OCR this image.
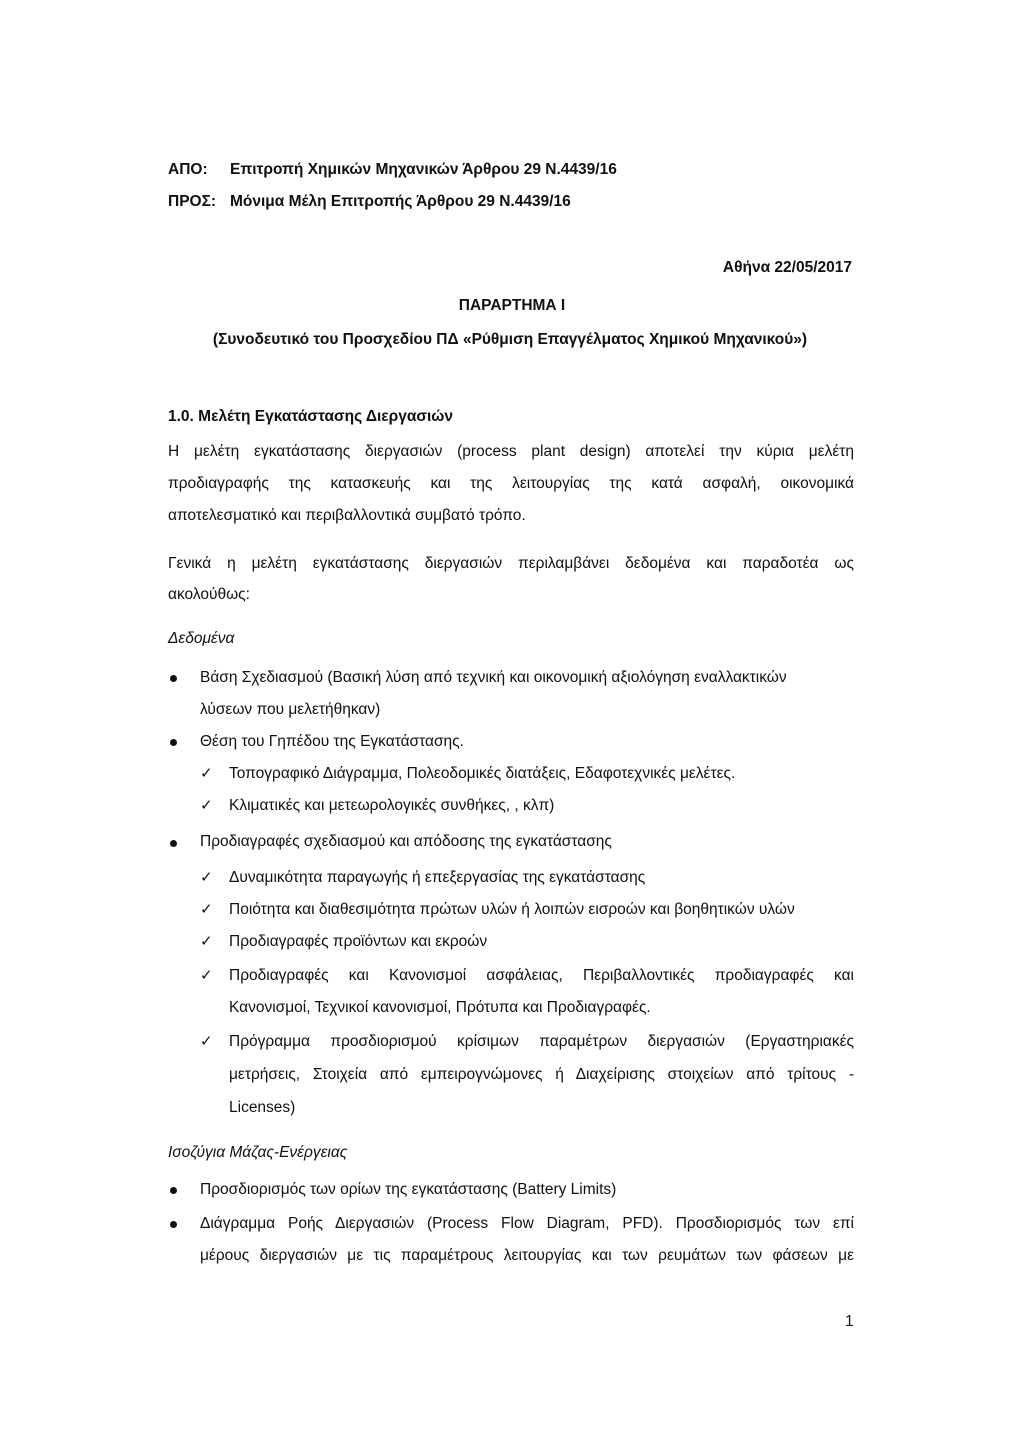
ΑΠΟ: Επιτροπή Χημικών Μηχανικών Άρθρου 29 Ν.4439/16
ΠΡΟΣ: Μόνιμα Μέλη Επιτροπής Άρθρου 29 Ν.4439/16
Αθήνα 22/05/2017
ΠΑΡΑΡΤΗΜΑ Ι
(Συνοδευτικό του Προσχεδίου ΠΔ «Ρύθμιση Επαγγέλματος Χημικού Μηχανικού»)
1.0. Μελέτη Εγκατάστασης Διεργασιών
Η μελέτη εγκατάστασης διεργασιών (process plant design) αποτελεί την κύρια μελέτη
προδιαγραφής της κατασκευής και της λειτουργίας της κατά ασφαλή, οικονομικά
αποτελεσματικό και περιβαλλοντικά συμβατό τρόπο.
Γενικά η μελέτη εγκατάστασης διεργασιών περιλαμβάνει δεδομένα και παραδοτέα ως
ακολούθως:
Δεδομένα
Βάση Σχεδιασμού (Βασική λύση από τεχνική και οικονομική αξιολόγηση εναλλακτικών
λύσεων που μελετήθηκαν)
Θέση του Γηπέδου της Εγκατάστασης.
✓ Τοπογραφικό Διάγραμμα, Πολεοδομικές διατάξεις, Εδαφοτεχνικές μελέτες.
✓ Κλιματικές και μετεωρολογικές συνθήκες, , κλπ)
Προδιαγραφές σχεδιασμού και απόδοσης της εγκατάστασης
✓ Δυναμικότητα παραγωγής ή επεξεργασίας της εγκατάστασης
✓ Ποιότητα και διαθεσιμότητα πρώτων υλών ή λοιπών εισροών και βοηθητικών υλών
✓ Προδιαγραφές προϊόντων και εκροών
✓ Προδιαγραφές και Κανονισμοί ασφάλειας, Περιβαλλοντικές προδιαγραφές και
Κανονισμοί, Τεχνικοί κανονισμοί, Πρότυπα και Προδιαγραφές.
✓ Πρόγραμμα προσδιορισμού κρίσιμων παραμέτρων διεργασιών (Εργαστηριακές
μετρήσεις, Στοιχεία από εμπειρογνώμονες ή Διαχείρισης στοιχείων από τρίτους -
Licenses)
Ισοζύγια Μάζας-Ενέργειας
Προσδιορισμός των ορίων της εγκατάστασης (Battery Limits)
Διάγραμμα Ροής Διεργασιών (Process Flow Diagram, PFD). Προσδιορισμός των επί
μέρους διεργασιών με τις παραμέτρους λειτουργίας και των ρευμάτων των φάσεων με
1
